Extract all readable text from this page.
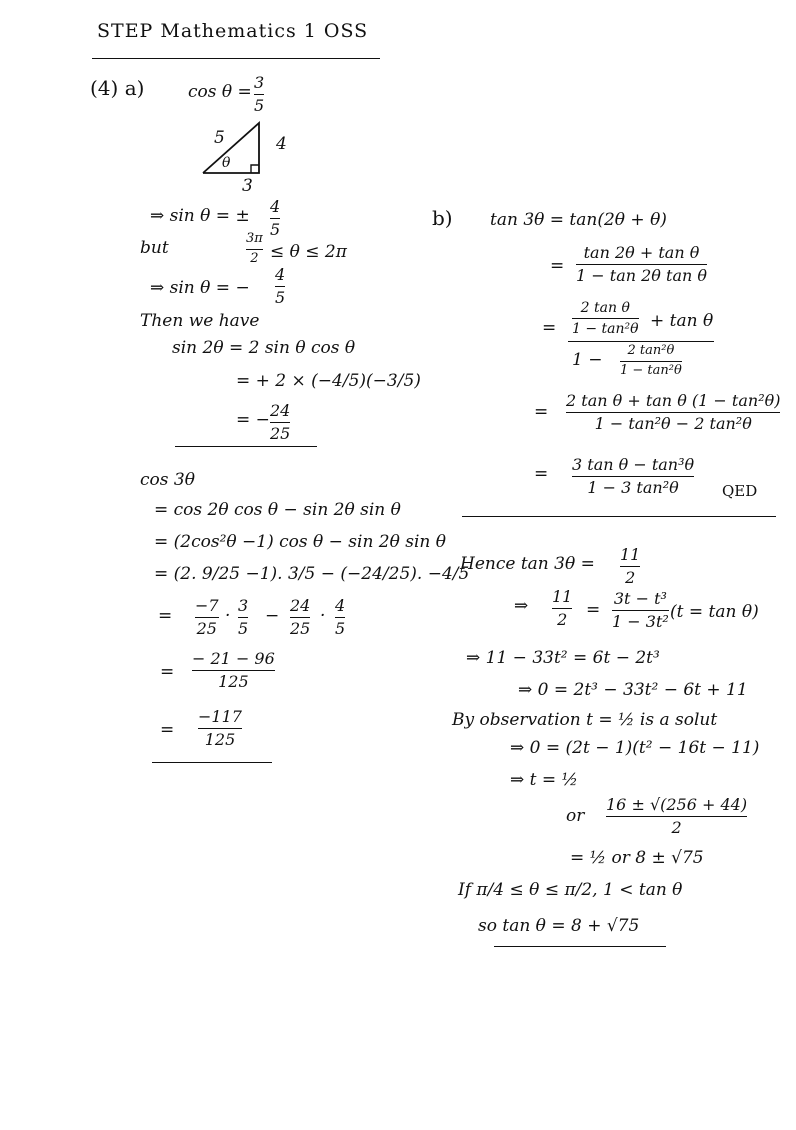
STEP Mathematics 1 OSS
(4) a)	cos θ = 3
5
5	4
3
θ
⇒ sin θ = ± 4
5
but	3π
2 ≤ θ ≤ 2π
⇒ sin θ = −
4
5
Then we have
sin 2θ = 2 sin θ cos θ
= + 2 × (−4/5)(−3/5)
= − 24
25
cos 3θ
= cos 2θ cos θ − sin 2θ sin θ
= (2cos²θ −1) cos θ − sin 2θ sin θ
= (2. 9/25 −1). 3/5 − (−24/25). −4/5
=
−7
25
·
3
5
−
24
25
·
4
5
=
− 21 − 96
125
=
−117
125
b) tan 3θ = tan(2θ + θ)
=
tan 2θ + tan θ
1 − tan 2θ tan θ
=
2 tan θ
1 − tan²θ + tan θ
1 − 2 tan²θ
1 − tan²θ
=
2 tan θ + tan θ (1 − tan²θ)
1 − tan²θ − 2 tan²θ
= 3 tan θ − tan³θ
1 − 3 tan²θ	QED
Hence tan 3θ = 11
2
⇒ 11
2 =
3t − t³
1 − 3t² (t = tan θ)
⇒ 11 − 33t² = 6t − 2t³
⇒ 0 = 2t³ − 33t² − 6t + 11
By observation t = ½ is a solut
⇒ 0 = (2t − 1)(t² − 16t − 11)
⇒ t = ½
or
16 ± √(256 + 44)
2
= ½ or 8 ± √75
If π/4 ≤ θ ≤ π/2, 1 < tan θ
so tan θ = 8 + √75
